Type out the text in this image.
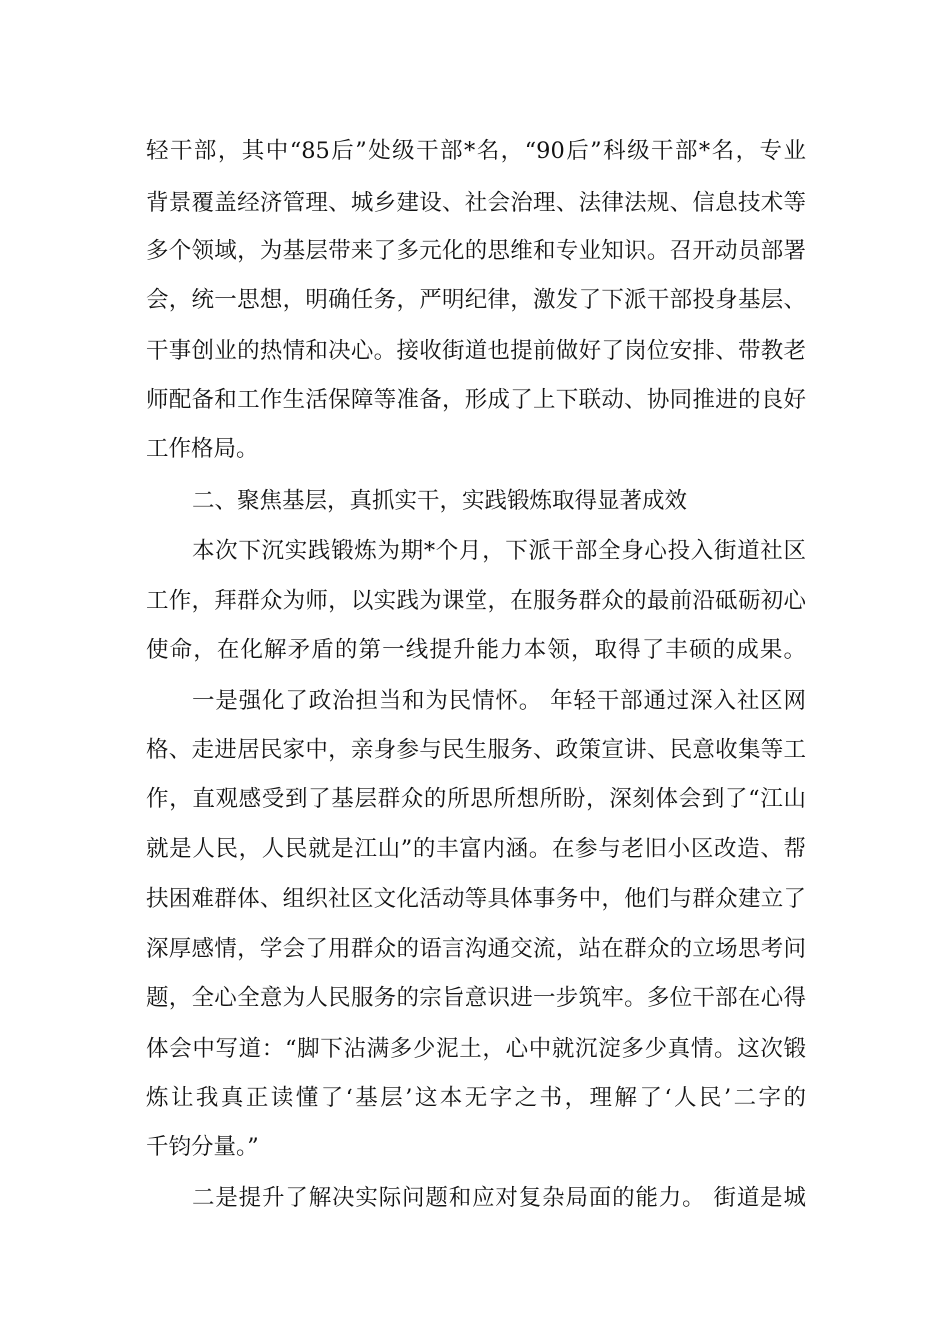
轻干部，其中“85后”处级干部*名，“90后”科级干部*名，专业
背景覆盖经济管理、城乡建设、社会治理、法律法规、信息技术等
多个领域，为基层带来了多元化的思维和专业知识。召开动员部署
会，统一思想，明确任务，严明纪律，激发了下派干部投身基层、
干事创业的热情和决心。接收街道也提前做好了岗位安排、带教老
师配备和工作生活保障等准备，形成了上下联动、协同推进的良好
工作格局。
二、聚焦基层，真抓实干，实践锻炼取得显著成效
本次下沉实践锻炼为期*个月，下派干部全身心投入街道社区
工作，拜群众为师，以实践为课堂，在服务群众的最前沿砥砺初心
使命，在化解矛盾的第一线提升能力本领，取得了丰硕的成果。
一是强化了政治担当和为民情怀。 年轻干部通过深入社区网
格、走进居民家中，亲身参与民生服务、政策宣讲、民意收集等工
作，直观感受到了基层群众的所思所想所盼，深刻体会到了“江山
就是人民，人民就是江山”的丰富内涵。在参与老旧小区改造、帮
扶困难群体、组织社区文化活动等具体事务中，他们与群众建立了
深厚感情，学会了用群众的语言沟通交流，站在群众的立场思考问
题，全心全意为人民服务的宗旨意识进一步筑牢。多位干部在心得
体会中写道：“脚下沾满多少泥土，心中就沉淀多少真情。这次锻
炼让我真正读懂了‘基层’这本无字之书，理解了‘人民’二字的
千钧分量。”
二是提升了解决实际问题和应对复杂局面的能力。 街道是城
